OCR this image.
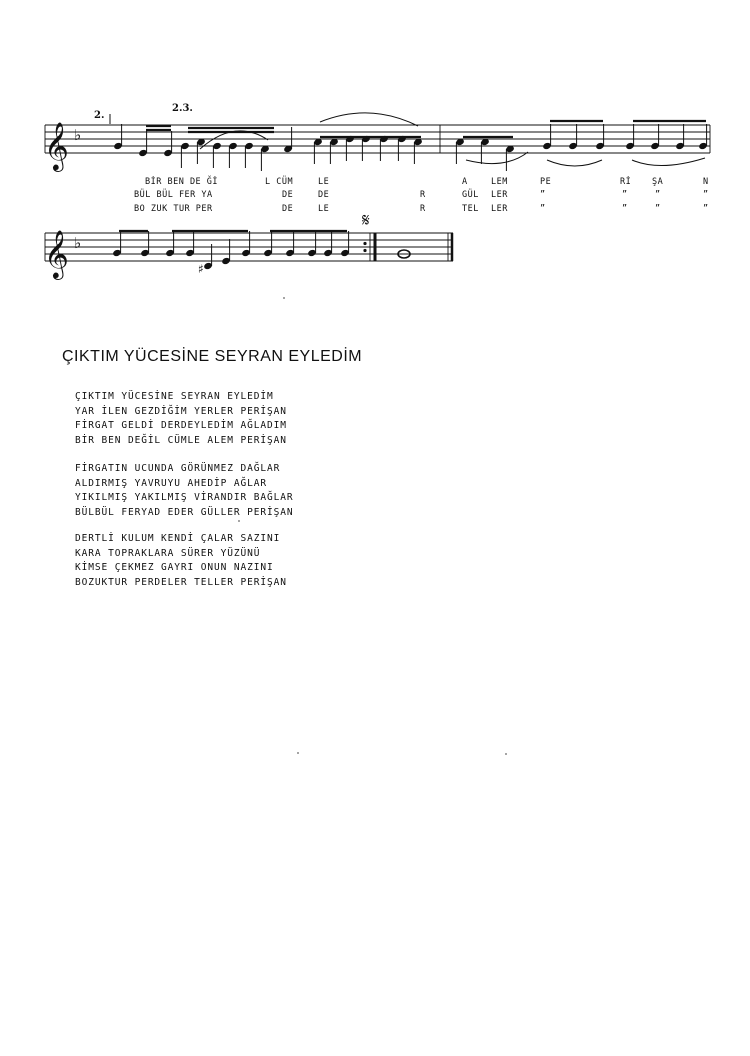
𝄞 ♭
2.
2.3.
BİR BEN DE Ğİ	L CÜM	LE	A	LEM	PE	Rİ ŞA	N
BÜL BÜL FER YA	DE	DE	R	GÜL LER	”	”	”	”
BO ZUK TUR PER	DE	LE	R	TEL LER	”	”	”	”
𝄞 ♭
𝄋
♯
ÇIKTIM YÜCESİNE SEYRAN EYLEDİM
ÇIKTIM YÜCESİNE SEYRAN EYLEDİM
YAR İLEN GEZDİĞİM YERLER PERİŞAN
FİRGAT GELDİ DERDEYLEDİM AĞLADIM
BİR BEN DEĞİL CÜMLE ALEM PERİŞAN
FİRGATIN UCUNDA GÖRÜNMEZ DAĞLAR
ALDIRMIŞ YAVRUYU AHEDİP AĞLAR
YIKILMIŞ YAKILMIŞ VİRANDIR BAĞLAR
BÜLBÜL FERYAD EDER GÜLLER PERİŞAN
DERTLİ KULUM KENDİ ÇALAR SAZINI
KARA TOPRAKLARA SÜRER YÜZÜNÜ
KİMSE ÇEKMEZ GAYRI ONUN NAZINI
BOZUKTUR PERDELER TELLER PERİŞAN
